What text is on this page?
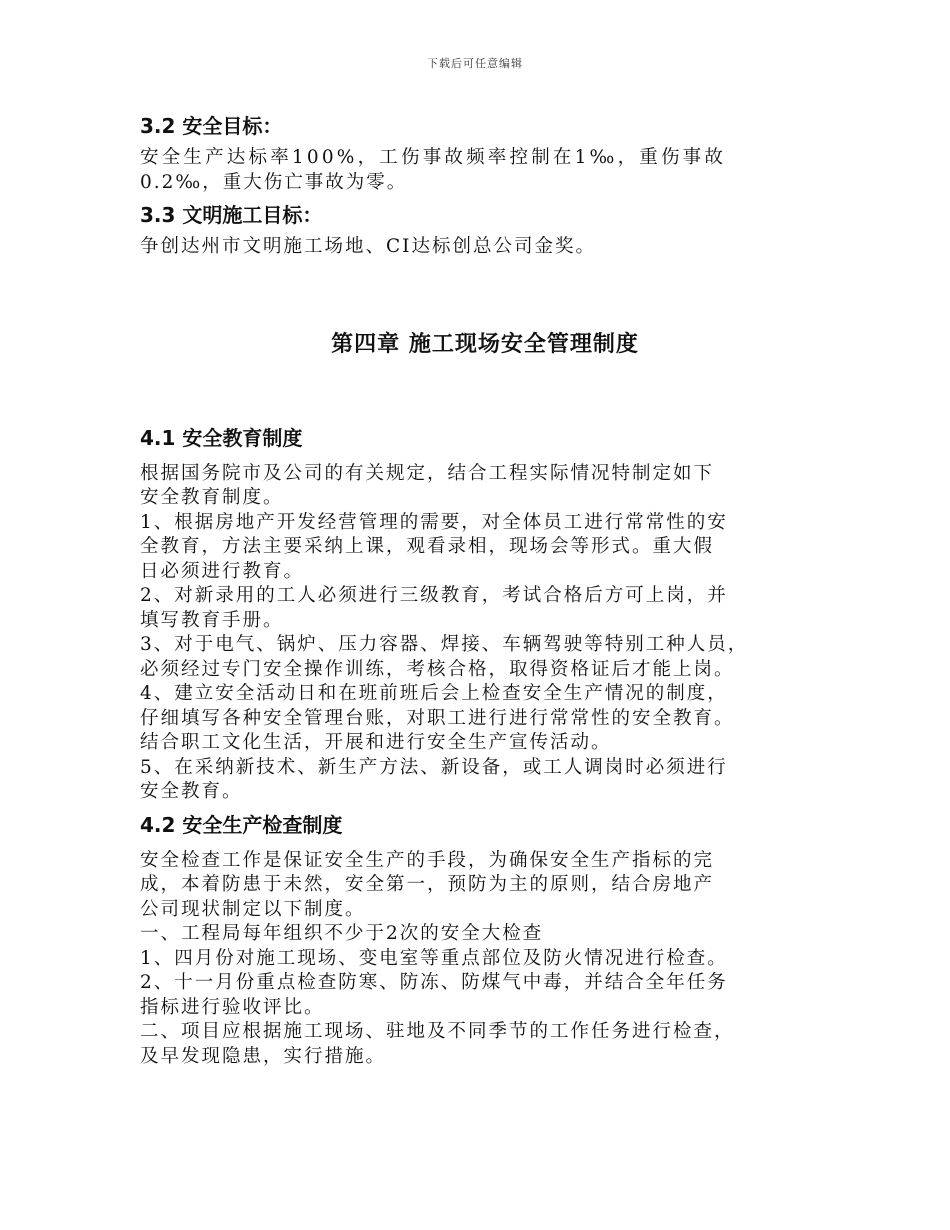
下载后可任意编辑

3.2 安全目标：

安全生产达标率100%，工伤事故频率控制在1‰，重伤事故

0.2‰，重大伤亡事故为零。

3.3 文明施工目标：

争创达州市文明施工场地、CI达标创总公司金奖。

第四章 施工现场安全管理制度

4.1 安全教育制度

根据国务院市及公司的有关规定，结合工程实际情况特制定如下

安全教育制度。

1、根据房地产开发经营管理的需要，对全体员工进行常常性的安

全教育，方法主要采纳上课，观看录相，现场会等形式。重大假

日必须进行教育。

2、对新录用的工人必须进行三级教育，考试合格后方可上岗，并

填写教育手册。

3、对于电气、锅炉、压力容器、焊接、车辆驾驶等特别工种人员，

必须经过专门安全操作训练，考核合格，取得资格证后才能上岗。

4、建立安全活动日和在班前班后会上检查安全生产情况的制度，

仔细填写各种安全管理台账，对职工进行进行常常性的安全教育。

结合职工文化生活，开展和进行安全生产宣传活动。

5、在采纳新技术、新生产方法、新设备，或工人调岗时必须进行

安全教育。

4.2 安全生产检查制度

安全检查工作是保证安全生产的手段，为确保安全生产指标的完

成，本着防患于未然，安全第一，预防为主的原则，结合房地产

公司现状制定以下制度。

一、工程局每年组织不少于2次的安全大检查

1、四月份对施工现场、变电室等重点部位及防火情况进行检查。

2、十一月份重点检查防寒、防冻、防煤气中毒，并结合全年任务

指标进行验收评比。

二、项目应根据施工现场、驻地及不同季节的工作任务进行检查，

及早发现隐患，实行措施。
